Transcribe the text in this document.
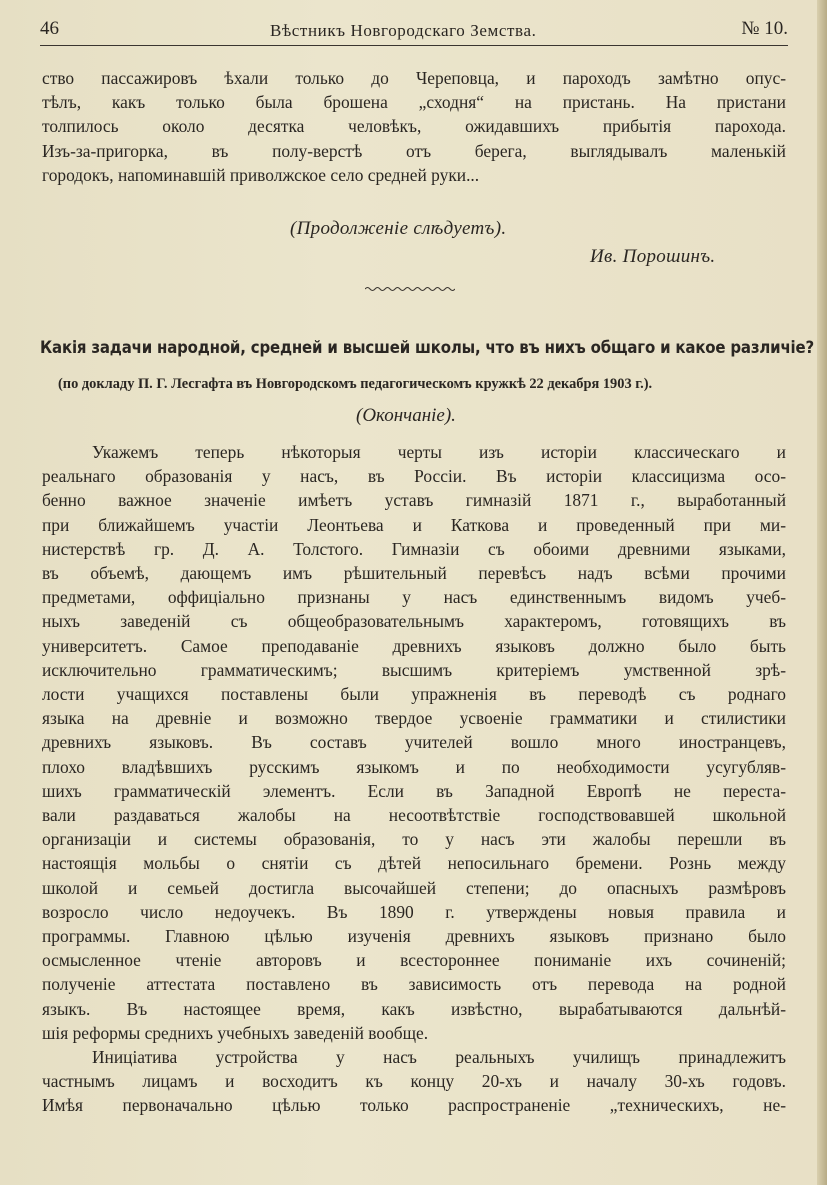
46	Вѣстникъ Новгородскаго Земства.	№ 10.
ство пассажировъ ѣхали только до Череповца, и пароходъ замѣтно опус-
тѣлъ, какъ только была брошена „сходня“ на пристань. На пристани
толпилось около десятка человѣкъ, ожидавшихъ прибытія парохода.
Изъ-за-пригорка, въ полу-верстѣ отъ берега, выглядывалъ маленькій
городокъ, напоминавшій приволжское село средней руки...
(Продолженіе слѣдуетъ).
Ив. Порошинъ.
Какія задачи народной, средней и высшей школы, что въ нихъ общаго и какое различіе?
(по докладу П. Г. Лесгафта въ Новгородскомъ педагогическомъ кружкѣ 22 декабря 1903 г.).
(Окончаніе).
Укажемъ теперь нѣкоторыя черты изъ исторіи классическаго и
реальнаго образованія у насъ, въ Россіи. Въ исторіи классицизма осо-
бенно важное значеніе имѣетъ уставъ гимназій 1871 г., выработанный
при ближайшемъ участіи Леонтьева и Каткова и проведенный при ми-
нистерствѣ гр. Д. А. Толстого. Гимназіи съ обоими древними языками,
въ объемѣ, дающемъ имъ рѣшительный перевѣсъ надъ всѣми прочими
предметами, оффиціально признаны у насъ единственнымъ видомъ учеб-
ныхъ заведеній съ общеобразовательнымъ характеромъ, готовящихъ въ
университетъ. Самое преподаваніе древнихъ языковъ должно было быть
исключительно грамматическимъ; высшимъ критеріемъ умственной зрѣ-
лости учащихся поставлены были упражненія въ переводѣ съ роднаго
языка на древніе и возможно твердое усвоеніе грамматики и стилистики
древнихъ языковъ. Въ составъ учителей вошло много иностранцевъ,
плохо владѣвшихъ русскимъ языкомъ и по необходимости усугубляв-
шихъ грамматическій элементъ. Если въ Западной Европѣ не переста-
вали раздаваться жалобы на несоотвѣтствіе господствовавшей школьной
организаціи и системы образованія, то у насъ эти жалобы перешли въ
настоящія мольбы о снятіи съ дѣтей непосильнаго бремени. Рознь между
школой и семьей достигла высочайшей степени; до опасныхъ размѣровъ
возросло число недоучекъ. Въ 1890 г. утверждены новыя правила и
программы. Главною цѣлью изученія древнихъ языковъ признано было
осмысленное чтеніе авторовъ и всестороннее пониманіе ихъ сочиненій;
полученіе аттестата поставлено въ зависимость отъ перевода на родной
языкъ. Въ настоящее время, какъ извѣстно, вырабатываются дальнѣй-
шія реформы среднихъ учебныхъ заведеній вообще.
Иниціатива устройства у насъ реальныхъ училищъ принадлежитъ
частнымъ лицамъ и восходитъ къ концу 20-хъ и началу 30-хъ годовъ.
Имѣя первоначально цѣлью только распространеніе „техническихъ, не-
